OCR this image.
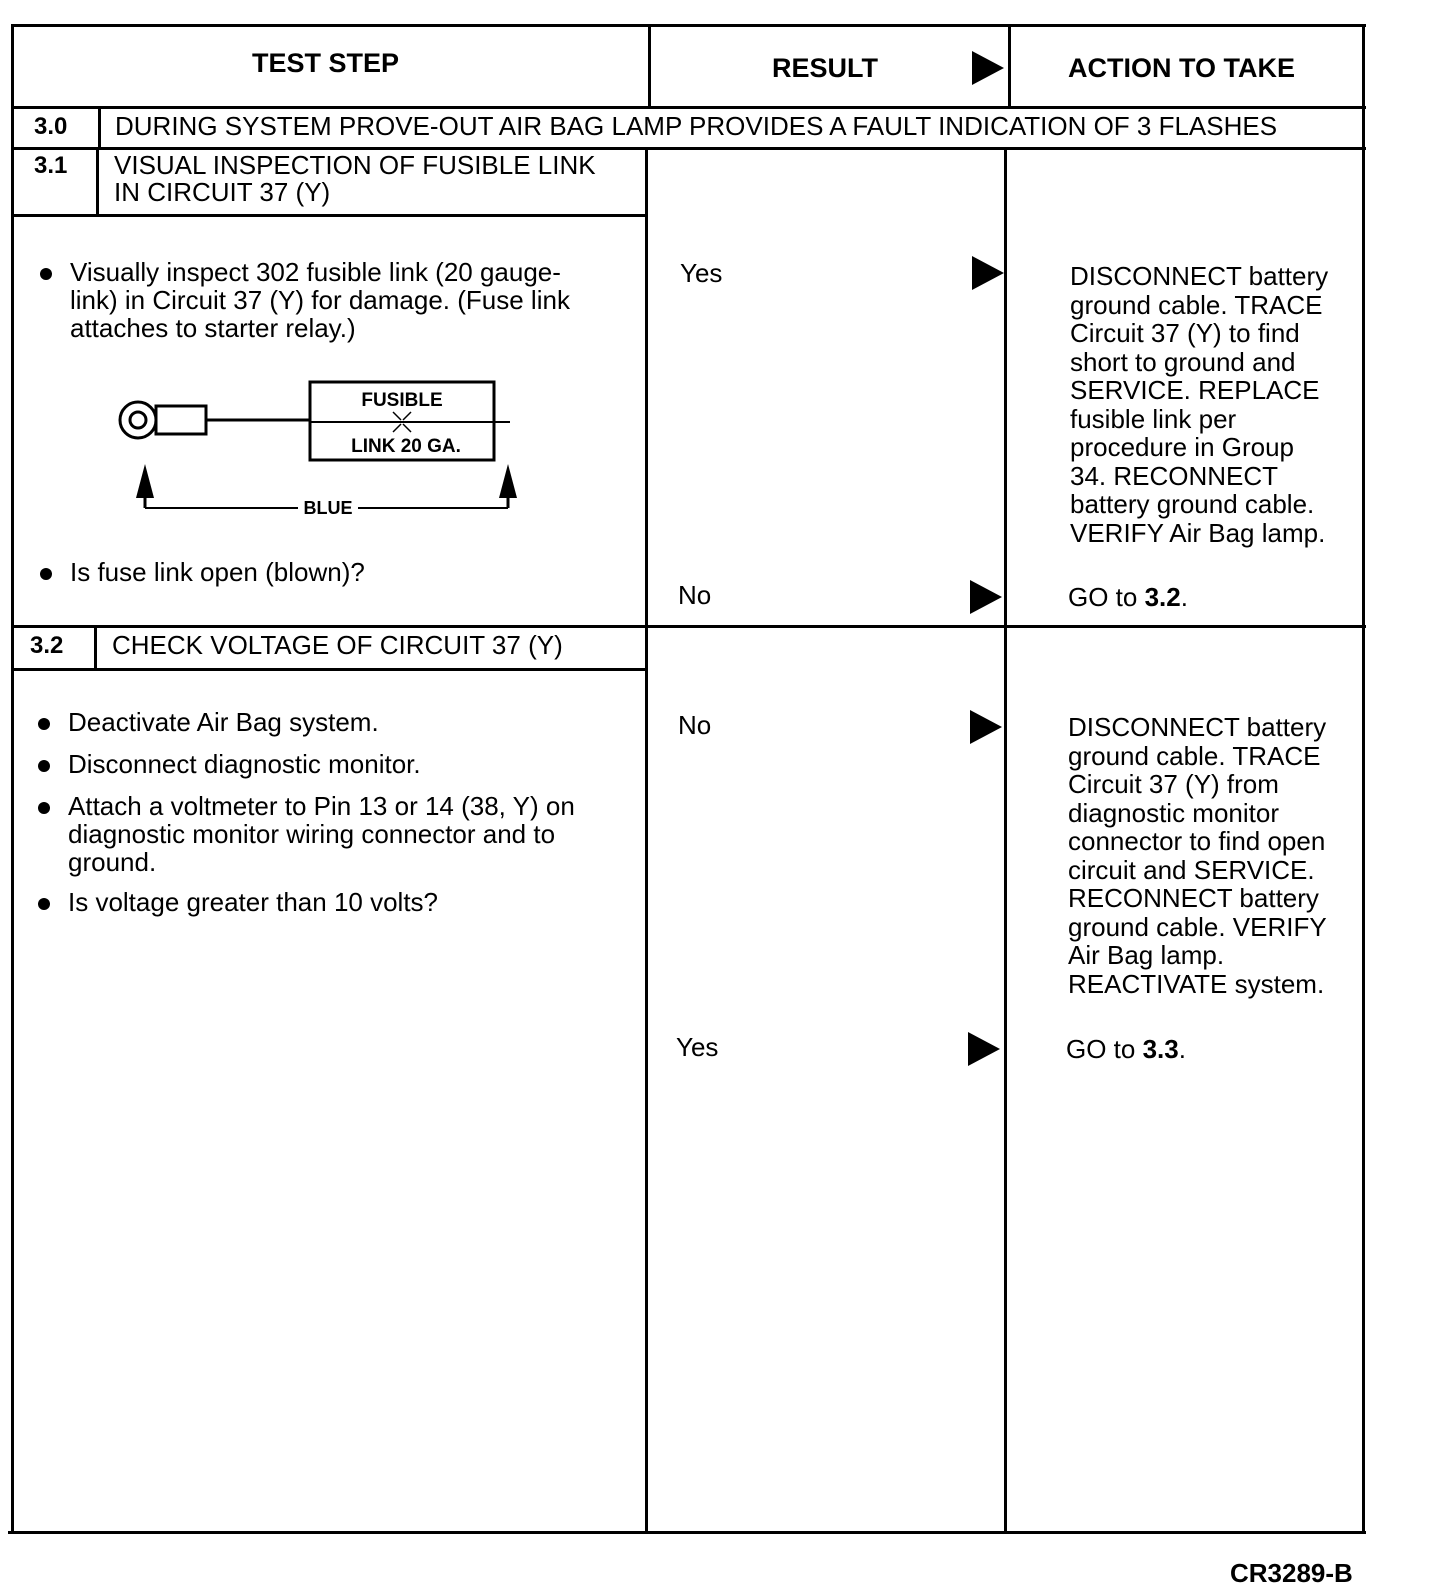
TEST STEP	RESULT	ACTION TO TAKE
3.0 DURING SYSTEM PROVE-OUT AIR BAG LAMP PROVIDES A FAULT INDICATION OF 3 FLASHES
3.1 VISUAL INSPECTION OF FUSIBLE LINK
IN CIRCUIT 37 (Y)
Visually inspect 302 fusible link (20 gauge-
link) in Circuit 37 (Y) for damage. (Fuse link
attaches to starter relay.)
FUSIBLE
LINK 20 GA.
BLUE
Is fuse link open (blown)?
Yes	DISCONNECT battery
ground cable. TRACE
Circuit 37 (Y) to find
short to ground and
SERVICE. REPLACE
fusible link per
procedure in Group
34. RECONNECT
battery ground cable.
VERIFY Air Bag lamp.
No	GO to 3.2.
3.2 CHECK VOLTAGE OF CIRCUIT 37 (Y)
Deactivate Air Bag system.
Disconnect diagnostic monitor.
Attach a voltmeter to Pin 13 or 14 (38, Y) on
diagnostic monitor wiring connector and to
ground.
Is voltage greater than 10 volts?
No	DISCONNECT battery
ground cable. TRACE
Circuit 37 (Y) from
diagnostic monitor
connector to find open
circuit and SERVICE.
RECONNECT battery
ground cable. VERIFY
Air Bag lamp.
REACTIVATE system.
Yes	GO to 3.3.
CR3289-B
